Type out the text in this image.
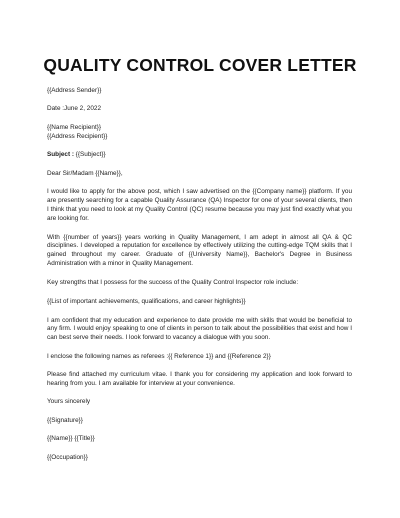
QUALITY CONTROL COVER LETTER

{{Address Sender}}

Date :June 2, 2022

{{Name Recipient}}

{{Address Recipient}}

Subject : {{Subject}}

Dear Sir/Madam {{Name}},

I would like to apply for the above post, which I saw advertised on the {{Company name}} platform. If you are presently searching for a capable Quality Assurance (QA) Inspector for one of your several clients, then I think that you need to look at my Quality Control (QC) resume because you may just find exactly what you are looking for.

With {{number of years}} years working in Quality Management, I am adept in almost all QA & QC disciplines. I developed a reputation for excellence by effectively utilizing the cutting-edge TQM skills that I gained throughout my career. Graduate of {{University Name}}, Bachelor's Degree in Business Administration with a minor in Quality Management.

Key strengths that I possess for the success of the Quality Control Inspector role include:

{{List of important achievements, qualifications, and career highlights}}

I am confident that my education and experience to date provide me with skills that would be beneficial to any firm. I would enjoy speaking to one of clients in person to talk about the possibilities that exist and how I can best serve their needs. I look forward to vacancy a dialogue with you soon.

I enclose the following names as referees :{{ Reference 1}} and {{Reference 2}}

Please find attached my curriculum vitae. I thank you for considering my application and look forward to hearing from you. I am available for interview at your convenience.

Yours sincerely

{{Signature}}

{{Name}} {{Title}}

{{Occupation}}
